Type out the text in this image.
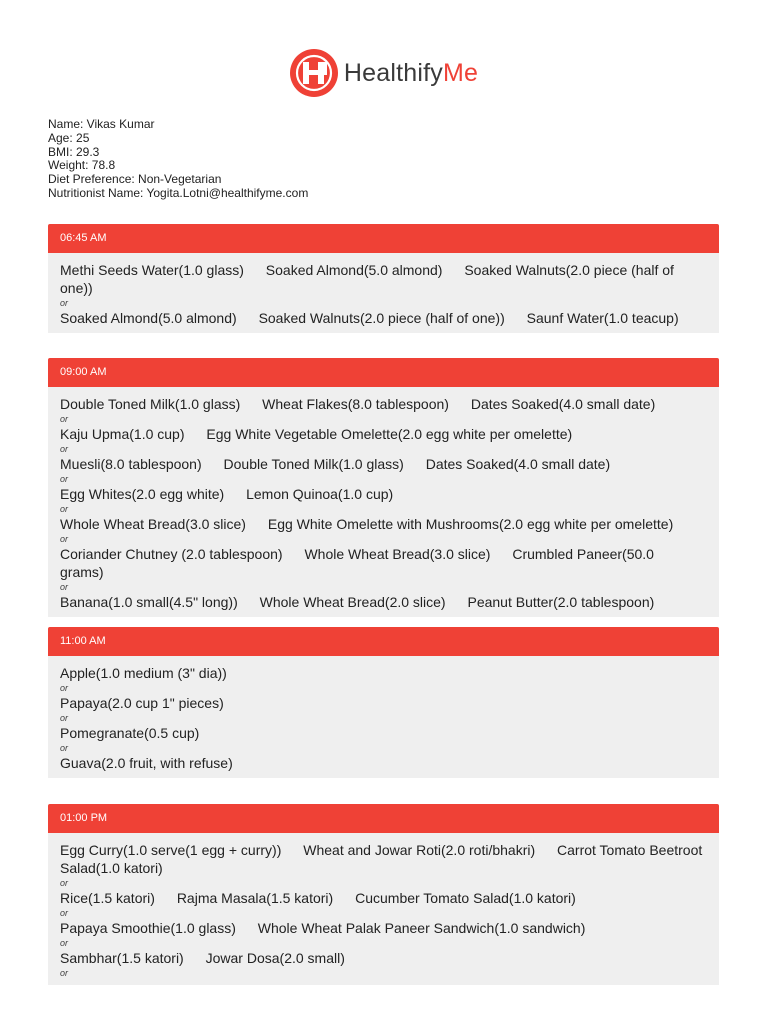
HealthifyMe
Name: Vikas Kumar
Age: 25
BMI: 29.3
Weight: 78.8
Diet Preference: Non-Vegetarian
Nutritionist Name: Yogita.Lotni@healthifyme.com
06:45 AM
Methi Seeds Water(1.0 glass) Soaked Almond(5.0 almond) Soaked Walnuts(2.0 piece (half of one))
or
Soaked Almond(5.0 almond) Soaked Walnuts(2.0 piece (half of one)) Saunf Water(1.0 teacup)
09:00 AM
Double Toned Milk(1.0 glass) Wheat Flakes(8.0 tablespoon) Dates Soaked(4.0 small date)
or
Kaju Upma(1.0 cup) Egg White Vegetable Omelette(2.0 egg white per omelette)
or
Muesli(8.0 tablespoon) Double Toned Milk(1.0 glass) Dates Soaked(4.0 small date)
or
Egg Whites(2.0 egg white) Lemon Quinoa(1.0 cup)
or
Whole Wheat Bread(3.0 slice) Egg White Omelette with Mushrooms(2.0 egg white per omelette)
or
Coriander Chutney (2.0 tablespoon) Whole Wheat Bread(3.0 slice) Crumbled Paneer(50.0 grams)
or
Banana(1.0 small(4.5" long)) Whole Wheat Bread(2.0 slice) Peanut Butter(2.0 tablespoon)
11:00 AM
Apple(1.0 medium (3" dia))
or
Papaya(2.0 cup 1" pieces)
or
Pomegranate(0.5 cup)
or
Guava(2.0 fruit, with refuse)
01:00 PM
Egg Curry(1.0 serve(1 egg + curry)) Wheat and Jowar Roti(2.0 roti/bhakri) Carrot Tomato Beetroot Salad(1.0 katori)
or
Rice(1.5 katori) Rajma Masala(1.5 katori) Cucumber Tomato Salad(1.0 katori)
or
Papaya Smoothie(1.0 glass) Whole Wheat Palak Paneer Sandwich(1.0 sandwich)
or
Sambhar(1.5 katori) Jowar Dosa(2.0 small)
or
